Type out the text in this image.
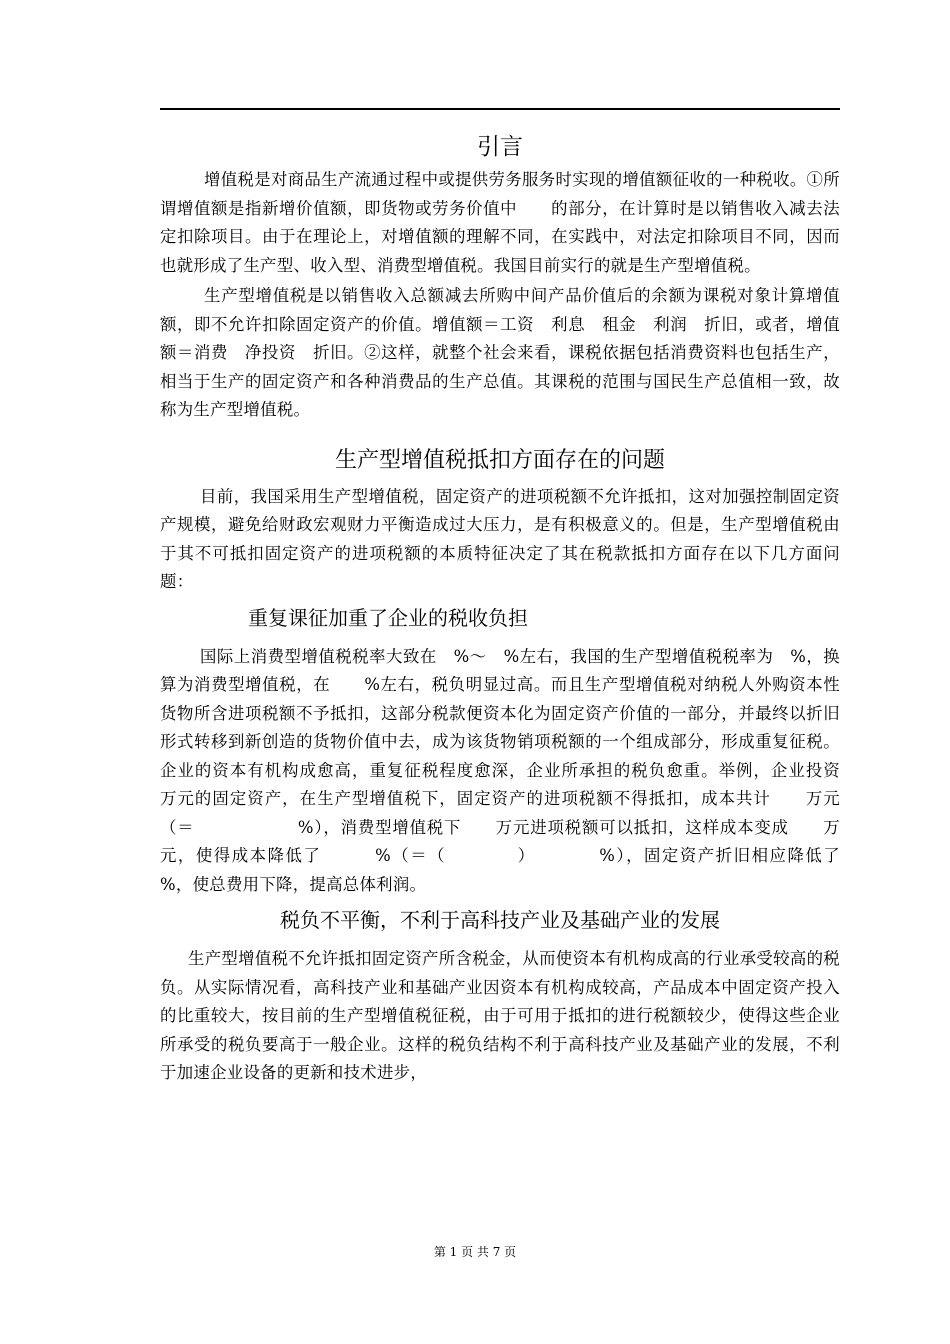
引言

增值税是对商品生产流通过程中或提供劳务服务时实现的增值额征收的一种税收。①所谓增值额是指新增价值额，即货物或劳务价值中　　的部分，在计算时是以销售收入减去法定扣除项目。由于在理论上，对增值额的理解不同，在实践中，对法定扣除项目不同，因而也就形成了生产型、收入型、消费型增值税。我国目前实行的就是生产型增值税。

生产型增值税是以销售收入总额减去所购中间产品价值后的余额为课税对象计算增值额，即不允许扣除固定资产的价值。增值额＝工资　利息　租金　利润　折旧，或者，增值额＝消费　净投资　折旧。②这样，就整个社会来看，课税依据包括消费资料也包括生产，相当于生产的固定资产和各种消费品的生产总值。其课税的范围与国民生产总值相一致，故称为生产型增值税。

生产型增值税抵扣方面存在的问题

目前，我国采用生产型增值税，固定资产的进项税额不允许抵扣，这对加强控制固定资产规模，避免给财政宏观财力平衡造成过大压力，是有积极意义的。但是，生产型增值税由于其不可抵扣固定资产的进项税额的本质特征决定了其在税款抵扣方面存在以下几方面问题：

重复课征加重了企业的税收负担

国际上消费型增值税税率大致在　%～　%左右，我国的生产型增值税税率为　%，换算为消费型增值税，在　　%左右，税负明显过高。而且生产型增值税对纳税人外购资本性货物所含进项税额不予抵扣，这部分税款便资本化为固定资产价值的一部分，并最终以折旧形式转移到新创造的货物价值中去，成为该货物销项税额的一个组成部分，形成重复征税。企业的资本有机构成愈高，重复征税程度愈深，企业所承担的税负愈重。举例，企业投资　　万元的固定资产，在生产型增值税下，固定资产的进项税额不得抵扣，成本共计　　万元（＝　　　　　　%），消费型增值税下　　万元进项税额可以抵扣，这样成本变成　　万元，使得成本降低了　　　%（＝（　　　　）　　　　%），固定资产折旧相应降低了　　　%，使总费用下降，提高总体利润。

税负不平衡，不利于高科技产业及基础产业的发展

生产型增值税不允许抵扣固定资产所含税金，从而使资本有机构成高的行业承受较高的税负。从实际情况看，高科技产业和基础产业因资本有机构成较高，产品成本中固定资产投入的比重较大，按目前的生产型增值税征税，由于可用于抵扣的进行税额较少，使得这些企业所承受的税负要高于一般企业。这样的税负结构不利于高科技产业及基础产业的发展，不利于加速企业设备的更新和技术进步，

第 1 页 共 7 页
